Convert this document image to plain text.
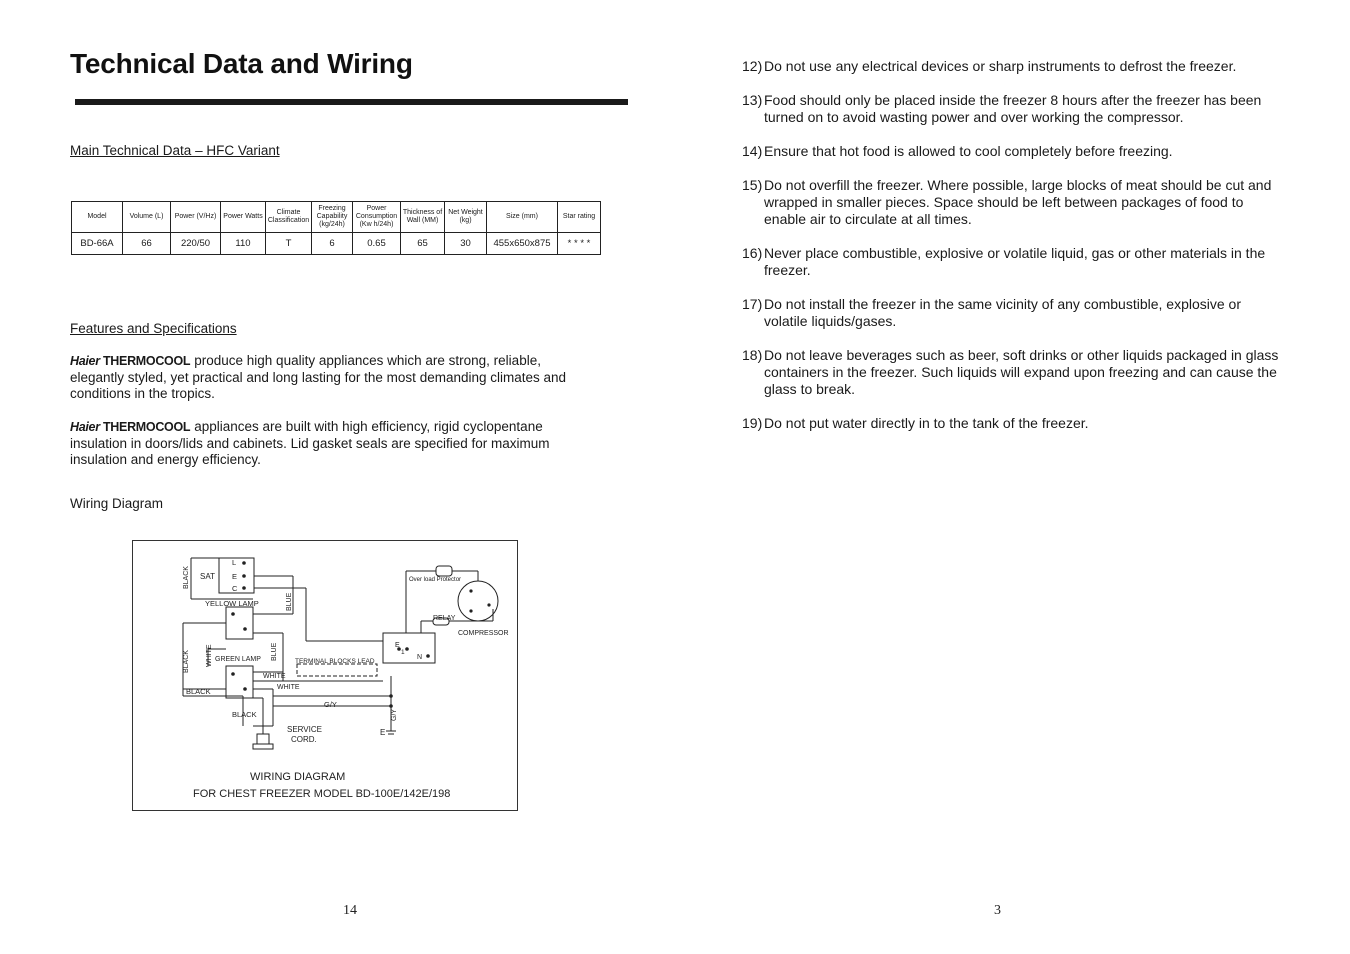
Technical Data and Wiring
Main Technical Data – HFC Variant
Model	Volume (L)	Power (V/Hz)	Power Watts	Climate Classification	Freezing Capability (kg/24h)	Power Consumption (Kw h/24h)	Thickness of Wall (MM)	Net Weight (kg)	Size (mm)	Star rating
BD-66A	66	220/50	110	T	6	0.65	65	30	455x650x875	* * * *
Features and Specifications

Haier THERMOCOOL produce high quality appliances which are strong, reliable, elegantly styled, yet practical and long lasting for the most demanding climates and conditions in the tropics.

Haier THERMOCOOL appliances are built with high efficiency, rigid cyclopentane insulation in doors/lids and cabinets. Lid gasket seals are specified for maximum insulation and energy efficiency.

Wiring Diagram
SAT
L
E
C
BLACK
YELLOW LAMP	BLUE
BLACK WHITE GREEN LAMP BLUE
TERMINAL BLOCKS LEAD
WHITE
WHITE
BLACK
BLACK
G/Y
G/Y
SERVICE
CORD.
E
Over load Protector
RELAY
COMPRESSOR
E
1
N
WIRING DIAGRAM
FOR CHEST FREEZER MODEL BD-100E/142E/198
14
12) Do not use any electrical devices or sharp instruments to defrost the freezer.
13) Food should only be placed inside the freezer 8 hours after the freezer has been turned on to avoid wasting power and over working the compressor.
14) Ensure that hot food is allowed to cool completely before freezing.
15) Do not overfill the freezer. Where possible, large blocks of meat should be cut and wrapped in smaller pieces. Space should be left between packages of food to enable air to circulate at all times.
16) Never place combustible, explosive or volatile liquid, gas or other materials in the freezer.
17) Do not install the freezer in the same vicinity of any combustible, explosive or volatile liquids/gases.
18) Do not leave beverages such as beer, soft drinks or other liquids packaged in glass containers in the freezer. Such liquids will expand upon freezing and can cause the glass to break.
19) Do not put water directly in to the tank of the freezer.
3
